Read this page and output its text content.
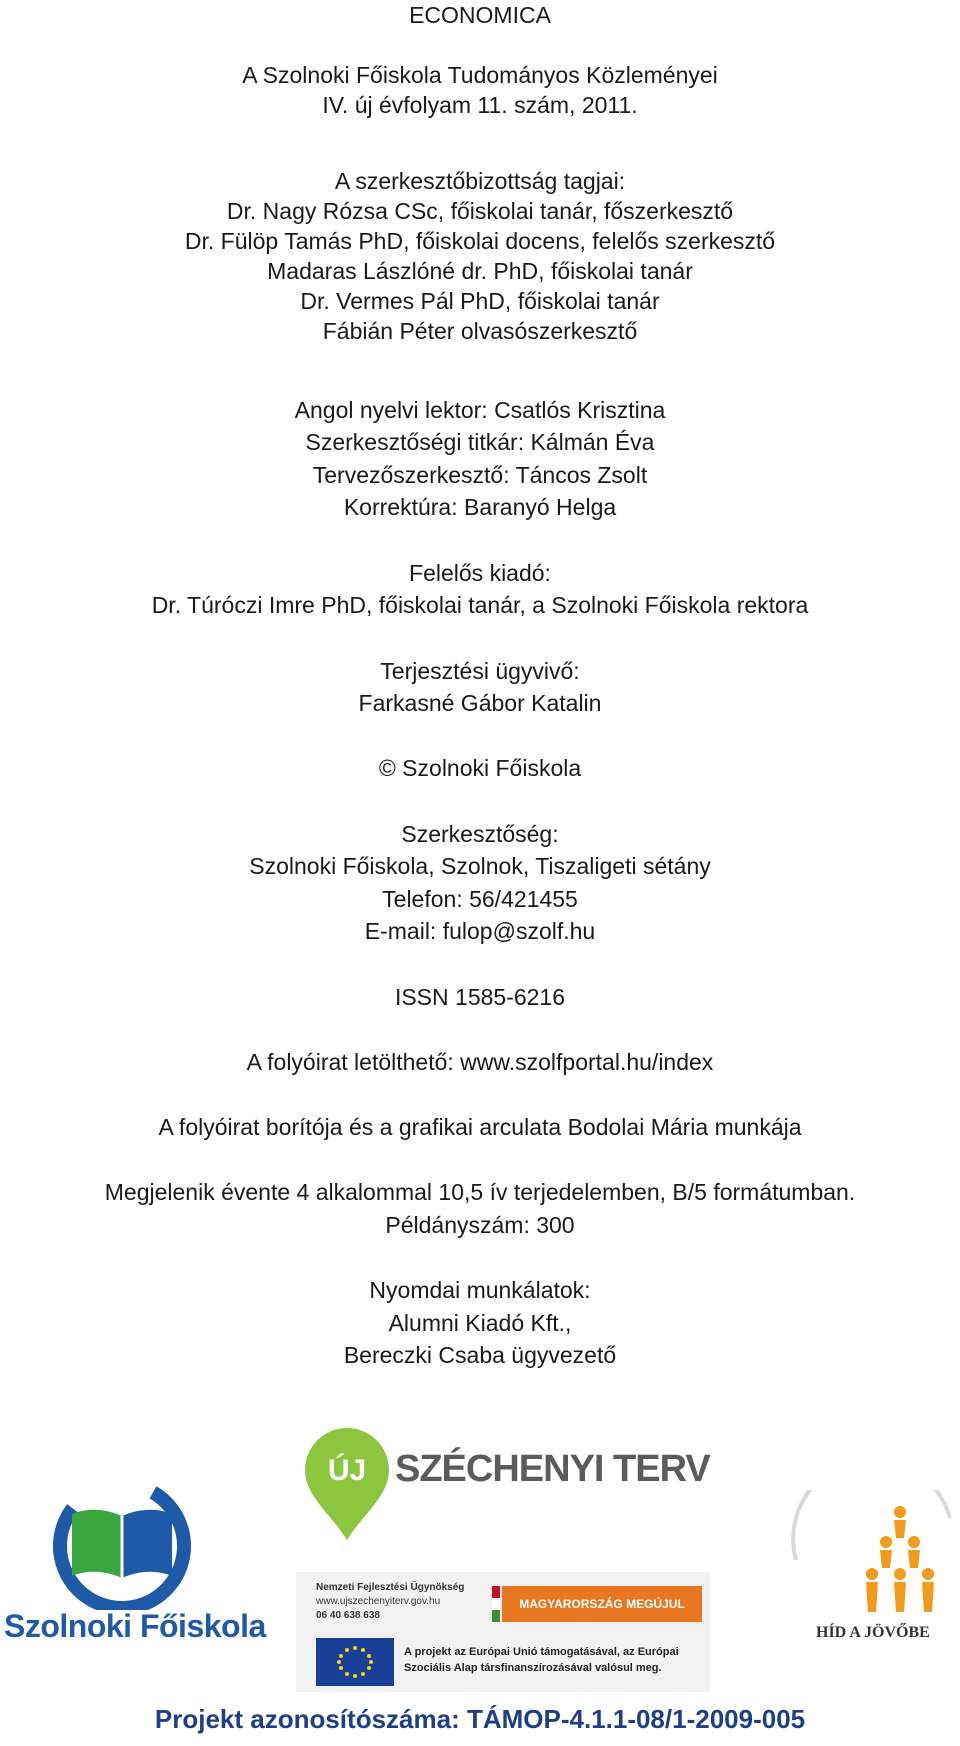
ECONOMICA
A Szolnoki Főiskola Tudományos Közleményei
IV. új évfolyam 11. szám, 2011.
A szerkesztőbizottság tagjai:
Dr. Nagy Rózsa CSc, főiskolai tanár, főszerkesztő
Dr. Fülöp Tamás PhD, főiskolai docens, felelős szerkesztő
Madaras Lászlóné dr. PhD, főiskolai tanár
Dr. Vermes Pál PhD, főiskolai tanár
Fábián Péter olvasószerkesztő
Angol nyelvi lektor: Csatlós Krisztina
Szerkesztőségi titkár: Kálmán Éva
Tervezőszerkesztő: Táncos Zsolt
Korrektúra: Baranyó Helga
Felelős kiadó:
Dr. Túróczi Imre PhD, főiskolai tanár, a Szolnoki Főiskola rektora
Terjesztési ügyvivő:
Farkasné Gábor Katalin
© Szolnoki Főiskola
Szerkesztőség:
Szolnoki Főiskola, Szolnok, Tiszaligeti sétány
Telefon: 56/421455
E-mail: fulop@szolf.hu
ISSN 1585-6216
A folyóirat letölthető: www.szolfportal.hu/index
A folyóirat borítója és a grafikai arculata Bodolai Mária munkája
Megjelenik évente 4 alkalommal 10,5 ív terjedelemben, B/5 formátumban.
Példányszám: 300
Nyomdai munkálatok:
Alumni Kiadó Kft.,
Bereczki Csaba ügyvezető
ÚJ SZÉCHENYI TERV
Szolnoki Főiskola
Nemzeti Fejlesztési Ügynökség
www.ujszechenyiterv.gov.hu
06 40 638 638
MAGYARORSZÁG MEGÚJUL
A projekt az Európai Unió támogatásával, az Európai
Szociális Alap társfinanszírozásával valósul meg.
HÍD A JÖVŐBE
Projekt azonosítószáma: TÁMOP-4.1.1-08/1-2009-005
